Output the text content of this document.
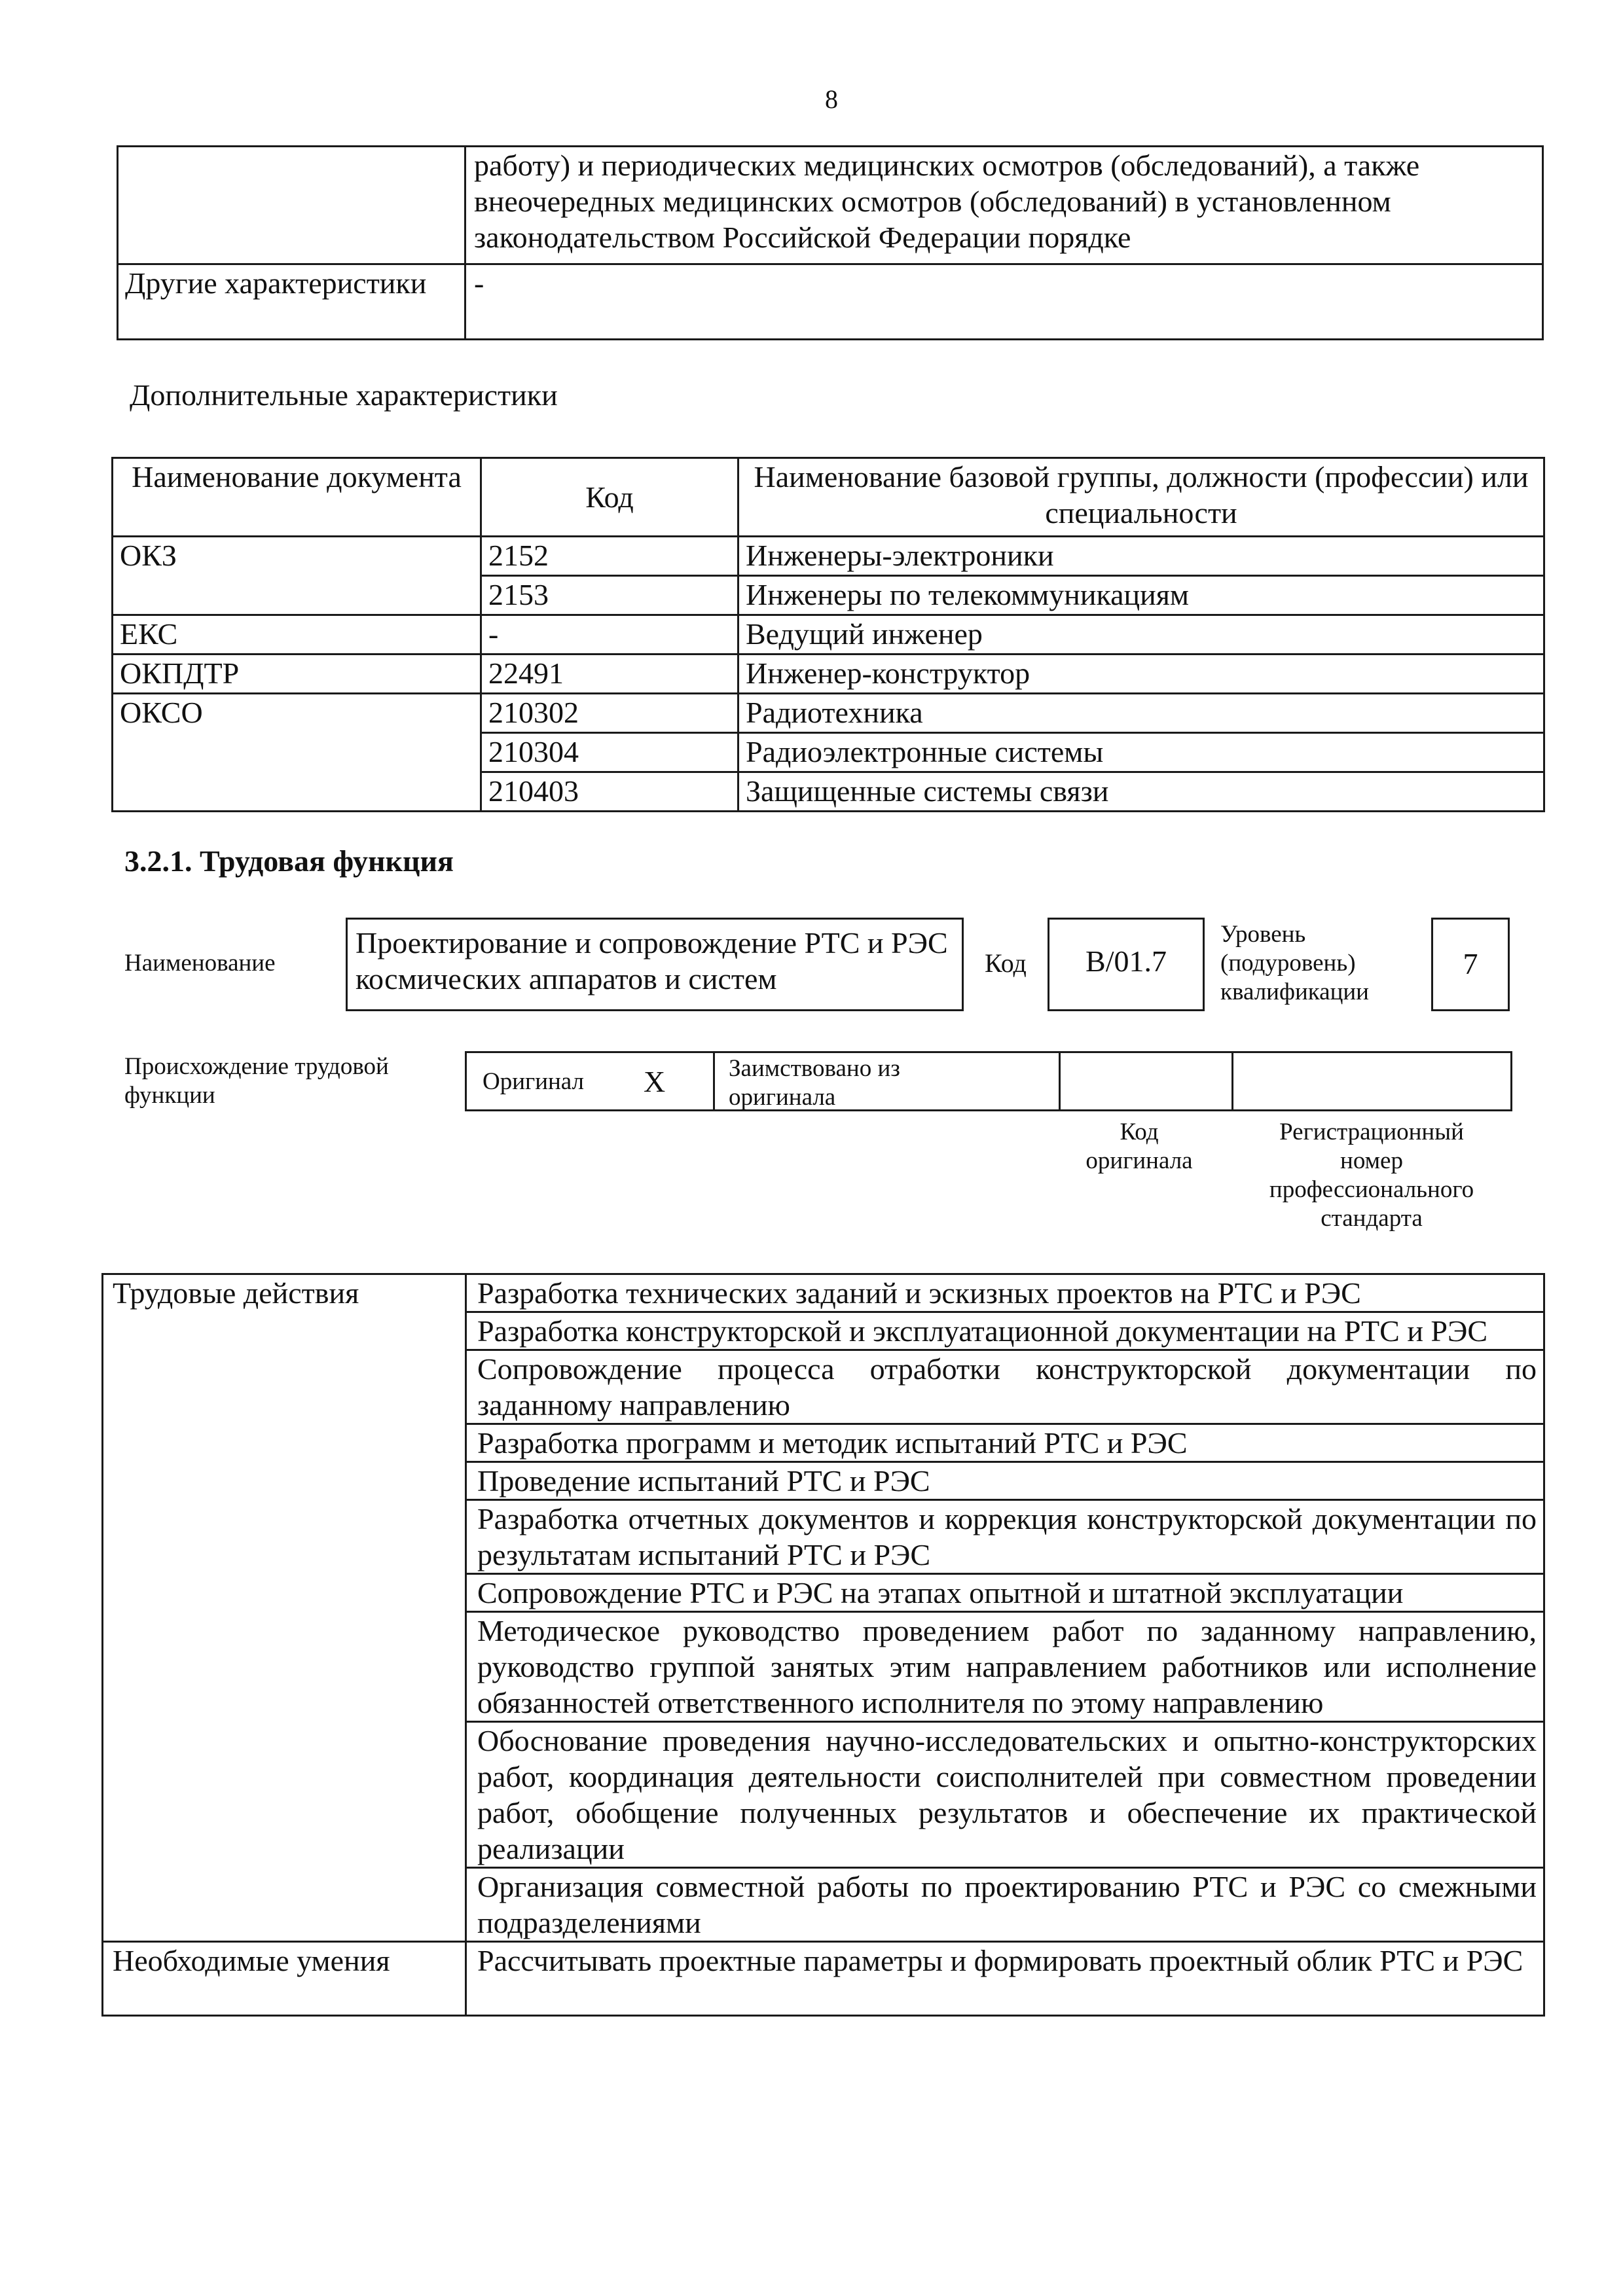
8
	работу) и периодических медицинских осмотров (обследований), а также внеочередных медицинских осмотров (обследований) в установленном законодательством Российской Федерации порядке
Другие характеристики	-
Дополнительные характеристики
Наименование документа	Код	Наименование базовой группы, должности (профессии) или специальности
ОКЗ	2152	Инженеры-электроники
	2153	Инженеры по телекоммуникациям
ЕКС	-	Ведущий инженер
ОКПДТР	22491	Инженер-конструктор
ОКСО	210302	Радиотехника
	210304	Радиоэлектронные системы
	210403	Защищенные системы связи
3.2.1. Трудовая функция
Наименование
Проектирование и сопровождение РТС и РЭС космических аппаратов и систем	Код	В/01.7
Уровень (подуровень) квалификации
7
Происхождение трудовой функции
Оригинал X	Заимствовано из оригинала
Код оригинала
Регистрационный номер профессионального стандарта
Трудовые действия	Разработка технических заданий и эскизных проектов на РТС и РЭС
	Разработка конструкторской и эксплуатационной документации на РТС и РЭС
	Сопровождение процесса отработки конструкторской документации по заданному направлению
	Разработка программ и методик испытаний РТС и РЭС
	Проведение испытаний РТС и РЭС
	Разработка отчетных документов и коррекция конструкторской документации по результатам испытаний РТС и РЭС
	Сопровождение РТС и РЭС на этапах опытной и штатной эксплуатации
	Методическое руководство проведением работ по заданному направлению, руководство группой занятых этим направлением работников или исполнение обязанностей ответственного исполнителя по этому направлению
	Обоснование проведения научно-исследовательских и опытно-конструкторских работ, координация деятельности соисполнителей при совместном проведении работ, обобщение полученных результатов и обеспечение их практической реализации
	Организация совместной работы по проектированию РТС и РЭС со смежными подразделениями
Необходимые умения	Рассчитывать проектные параметры и формировать проектный облик РТС и РЭС
